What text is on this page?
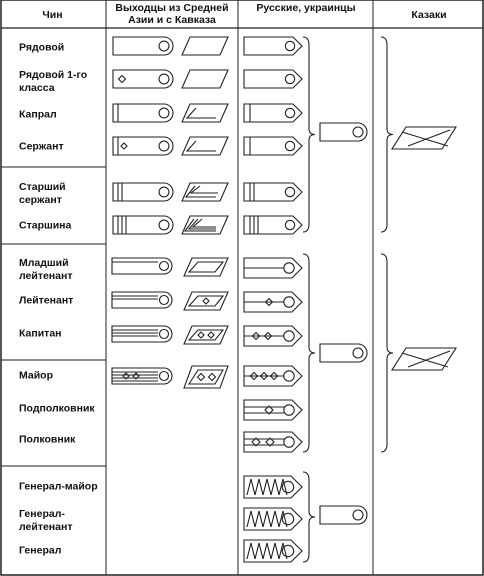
Чин
Выходцы из Средней Азии и с Кавказа
Русские, украинцы
Казаки
Рядовой
Рядовой 1-го класса
Капрал
Сержант
Старший сержант
Старшина
Младший лейтенант
Лейтенант
Капитан
Майор
Подполковник
Полковник
Генерал-майор
Генерал-лейтенант
Генерал
